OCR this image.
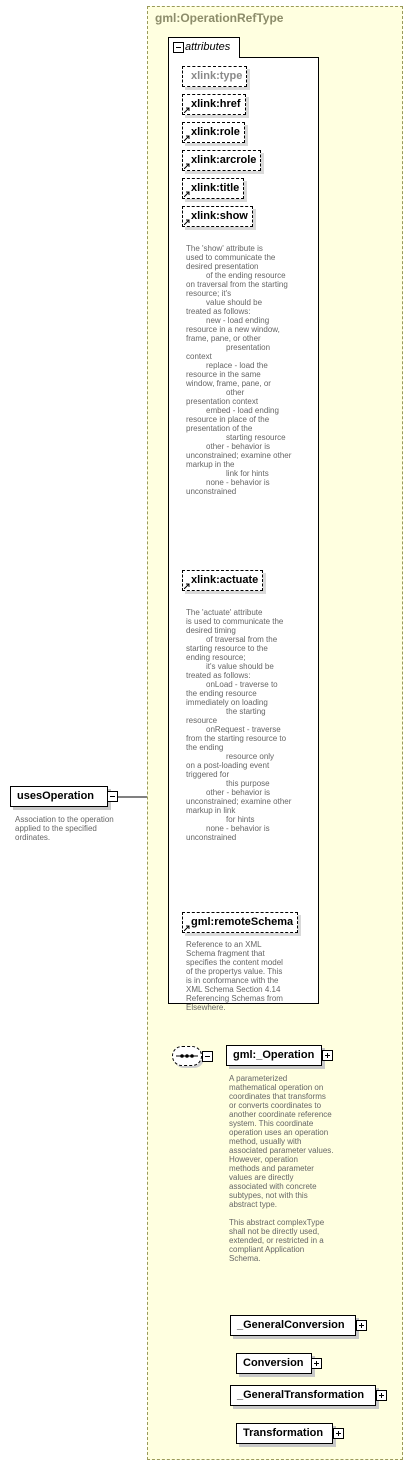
gml:OperationRefType
attributes
xlink:type
xlink:href
xlink:role
xlink:arcrole
xlink:title
xlink:show
The 'show' attribute is
used to communicate the
desired presentation
of the ending resource
on traversal from the starting
resource; it's
value should be
treated as follows:
new - load ending
resource in a new window,
frame, pane, or other
presentation
context
replace - load the
resource in the same
window, frame, pane, or
other
presentation context
embed - load ending
resource in place of the
presentation of the
starting resource
other - behavior is
unconstrained; examine other
markup in the
link for hints
none - behavior is
unconstrained
xlink:actuate
The 'actuate' attribute
is used to communicate the
desired timing
of traversal from the
starting resource to the
ending resource;
it's value should be
treated as follows:
onLoad - traverse to
the ending resource
immediately on loading
the starting
resource
onRequest - traverse
from the starting resource to
the ending
resource only
on a post-loading event
triggered for
this purpose
other - behavior is
unconstrained; examine other
markup in link
for hints
none - behavior is
unconstrained
gml:remoteSchema
Reference to an XML
Schema fragment that
specifies the content model
of the propertys value. This
is in conformance with the
XML Schema Section 4.14
Referencing Schemas from
Elsewhere.
usesOperation
Association to the operation
applied to the specified
ordinates.
gml:_Operation
A parameterized
mathematical operation on
coordinates that transforms
or converts coordinates to
another coordinate reference
system. This coordinate
operation uses an operation
method, usually with
associated parameter values.
However, operation
methods and parameter
values are directly
associated with concrete
subtypes, not with this
abstract type.

This abstract complexType
shall not be directly used,
extended, or restricted in a
compliant Application
Schema.
_GeneralConversion
Conversion
_GeneralTransformation
Transformation
